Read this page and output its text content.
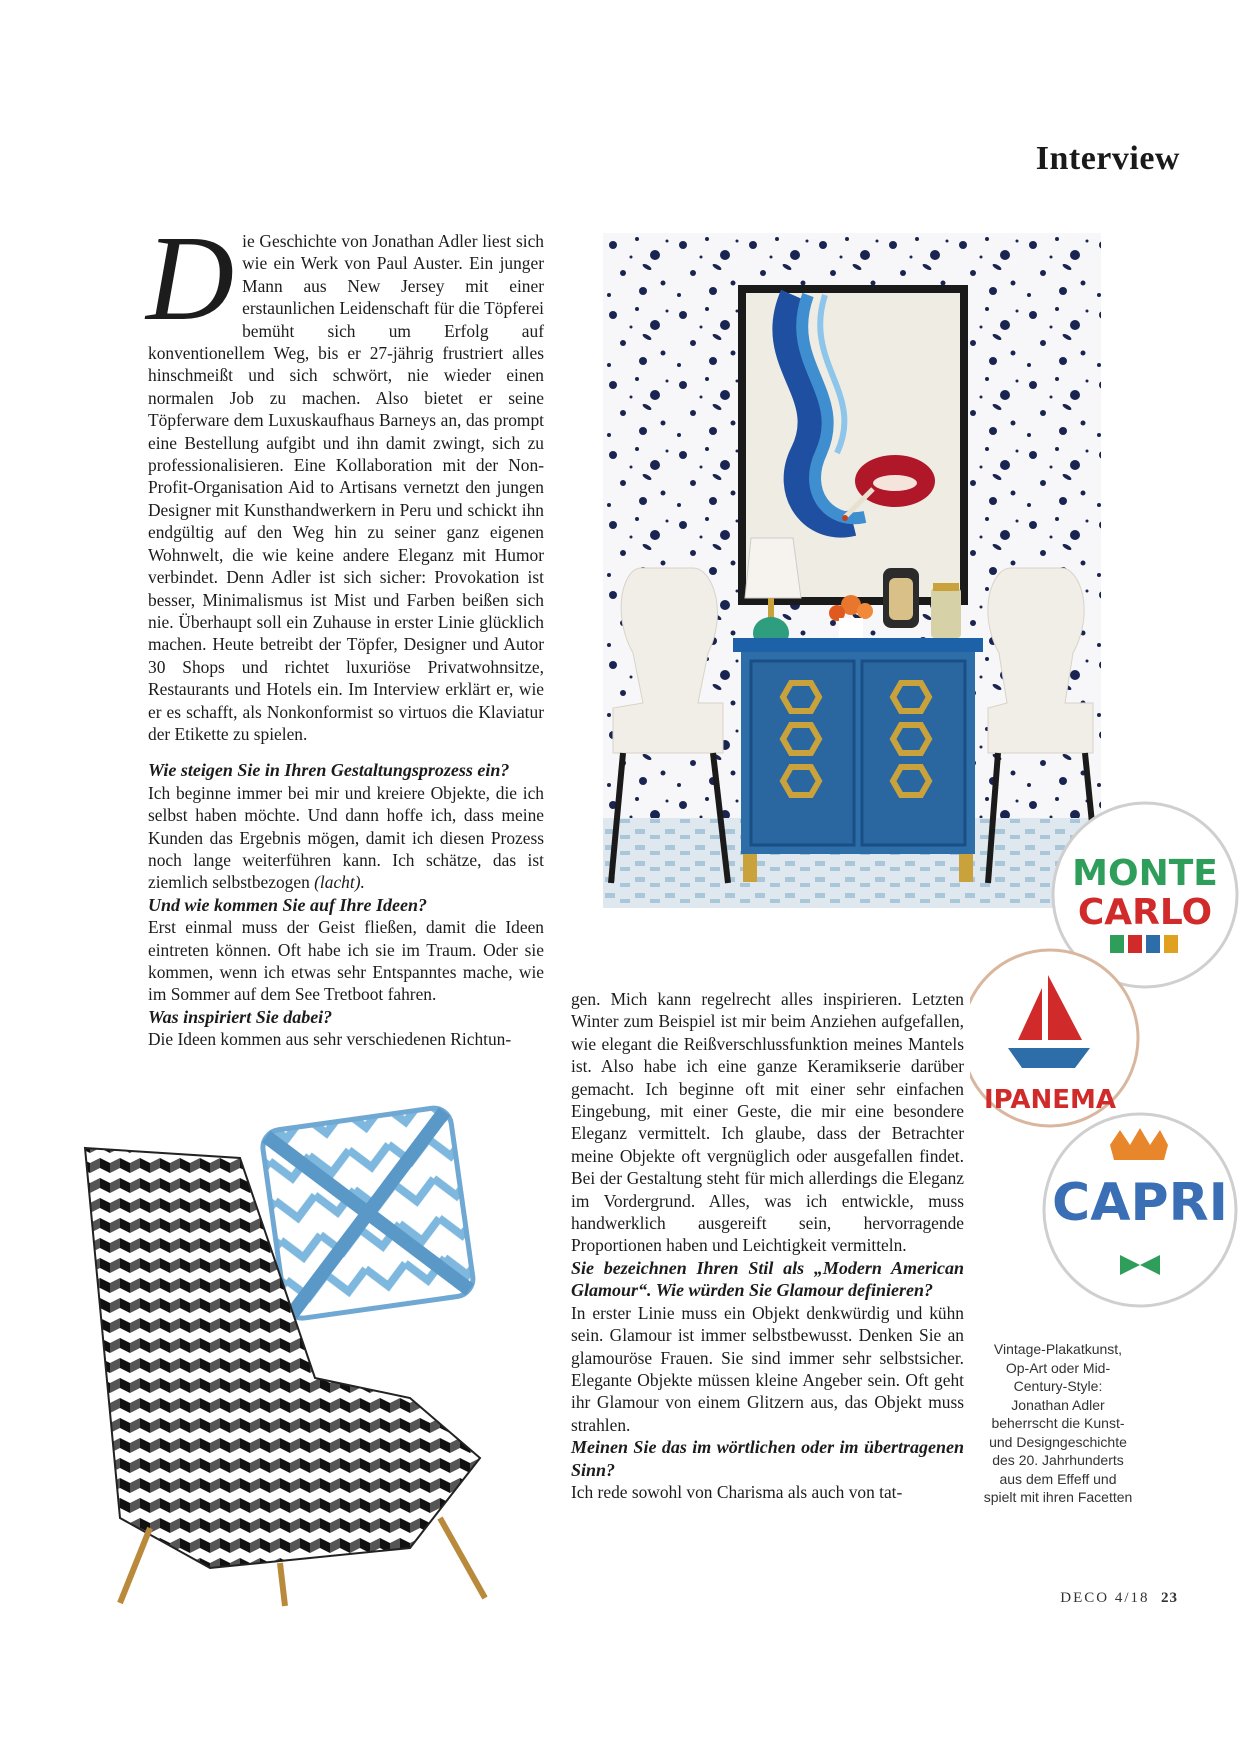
Interview

Die Geschichte von Jonathan Adler liest sich wie ein Werk von Paul Auster. Ein junger Mann aus New Jersey mit einer erstaunlichen Leidenschaft für die Töpferei bemüht sich um Erfolg auf konventionellem Weg, bis er 27-jährig frustriert alles hinschmeißt und sich schwört, nie wieder einen normalen Job zu machen. Also bietet er seine Töpferware dem Luxuskaufhaus Barneys an, das prompt eine Bestellung aufgibt und ihn damit zwingt, sich zu professionalisieren. Eine Kollaboration mit der Non-Profit-Organisation Aid to Artisans vernetzt den jungen Designer mit Kunsthandwerkern in Peru und schickt ihn endgültig auf den Weg hin zu seiner ganz eigenen Wohnwelt, die wie keine andere Eleganz mit Humor verbindet. Denn Adler ist sich sicher: Provokation ist besser, Minimalismus ist Mist und Farben beißen sich nie. Überhaupt soll ein Zuhause in erster Linie glücklich machen. Heute betreibt der Töpfer, Designer und Autor 30 Shops und richtet luxuriöse Privatwohnsitze, Restaurants und Hotels ein. Im Interview erklärt er, wie er es schafft, als Nonkonformist so virtuos die Klaviatur der Etikette zu spielen.

Wie steigen Sie in Ihren Gestaltungsprozess ein?

Ich beginne immer bei mir und kreiere Objekte, die ich selbst haben möchte. Und dann hoffe ich, dass meine Kunden das Ergebnis mögen, damit ich diesen Prozess noch lange weiterführen kann. Ich schätze, das ist ziemlich selbstbezogen (lacht).

Und wie kommen Sie auf Ihre Ideen?

Erst einmal muss der Geist fließen, damit die Ideen eintreten können. Oft habe ich sie im Traum. Oder sie kommen, wenn ich etwas sehr Entspanntes mache, wie im Sommer auf dem See Tretboot fahren.

Was inspiriert Sie dabei?

Die Ideen kommen aus sehr verschiedenen Richtun-

gen. Mich kann regelrecht alles inspirieren. Letzten Winter zum Beispiel ist mir beim Anziehen aufgefallen, wie elegant die Reißverschlussfunktion meines Mantels ist. Also habe ich eine ganze Keramikserie darüber gemacht. Ich beginne oft mit einer sehr einfachen Eingebung, mit einer Geste, die mir eine besondere Eleganz vermittelt. Ich glaube, dass der Betrachter meine Objekte oft vergnüglich oder ausgefallen findet. Bei der Gestaltung steht für mich allerdings die Eleganz im Vordergrund. Alles, was ich entwickle, muss handwerklich ausgereift sein, hervorragende Proportionen haben und Leichtigkeit vermitteln.

Sie bezeichnen Ihren Stil als „Modern American Glamour“. Wie würden Sie Glamour definieren?

In erster Linie muss ein Objekt denkwürdig und kühn sein. Glamour ist immer selbstbewusst. Denken Sie an glamouröse Frauen. Sie sind immer sehr selbstsicher. Elegante Objekte müssen kleine Angeber sein. Oft geht ihr Glamour von einem Glitzern aus, das Objekt muss strahlen.

Meinen Sie das im wörtlichen oder im übertragenen Sinn?

Ich rede sowohl von Charisma als auch von tat-

MONTE
CARLO
IPANEMA
CAPRI
Vintage-Plakatkunst, Op-Art oder Mid-Century-Style: Jonathan Adler beherrscht die Kunst- und Designgeschichte des 20. Jahrhunderts aus dem Effeff und spielt mit ihren Facetten
DECO 4/18 23
